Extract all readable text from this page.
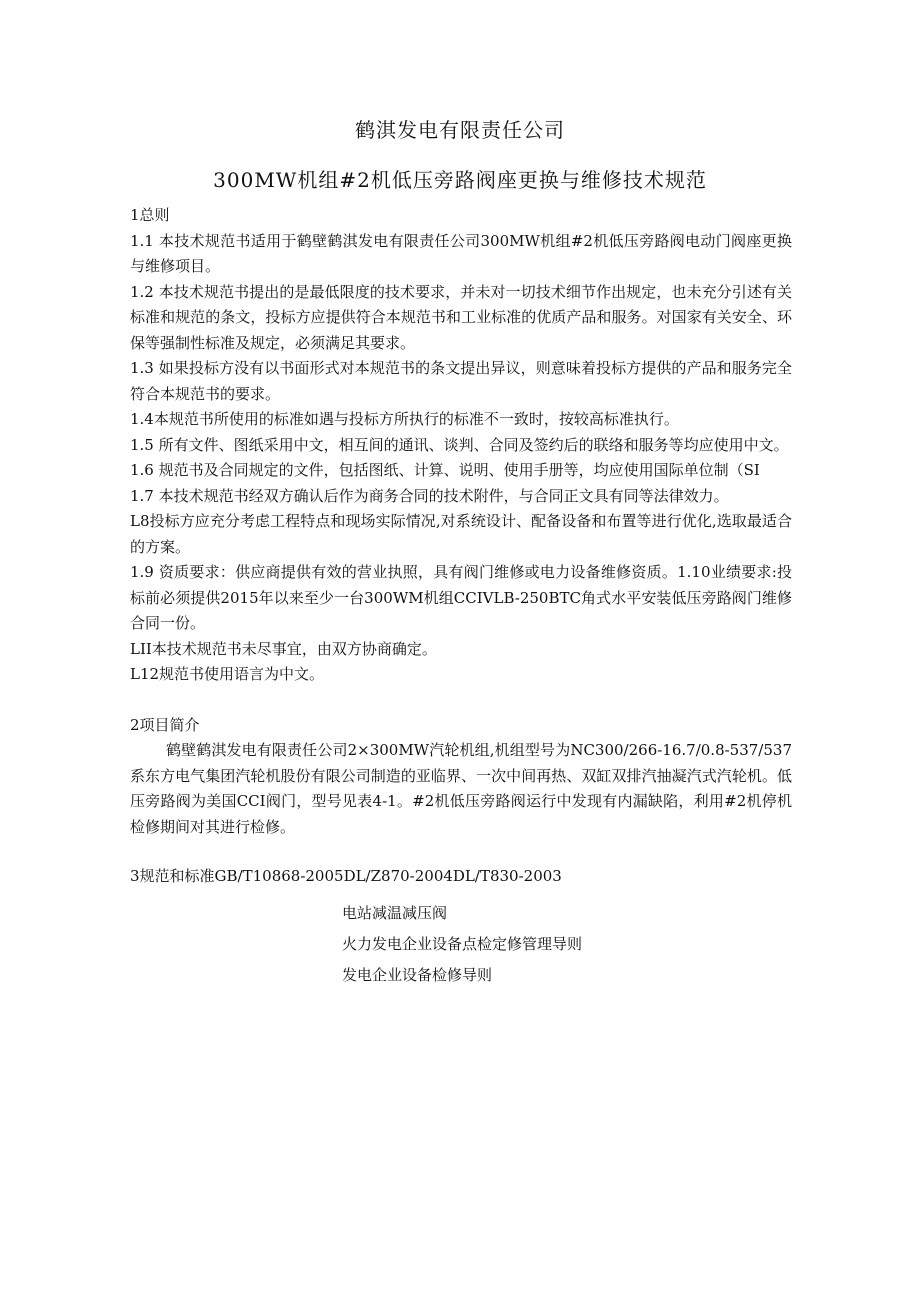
鹤淇发电有限责任公司
300MW机组#2机低压旁路阀座更换与维修技术规范

1总则

1.1 本技术规范书适用于鹤壁鹤淇发电有限责任公司300MW机组#2机低压旁路阀电动门阀座更换与维修项目。

1.2 本技术规范书提出的是最低限度的技术要求，并未对一切技术细节作出规定，也未充分引述有关标准和规范的条文，投标方应提供符合本规范书和工业标准的优质产品和服务。对国家有关安全、环保等强制性标准及规定，必须满足其要求。

1.3 如果投标方没有以书面形式对本规范书的条文提出异议，则意味着投标方提供的产品和服务完全符合本规范书的要求。

1.4本规范书所使用的标准如遇与投标方所执行的标准不一致时，按较高标准执行。

1.5 所有文件、图纸采用中文，相互间的通讯、谈判、合同及签约后的联络和服务等均应使用中文。

1.6 规范书及合同规定的文件，包括图纸、计算、说明、使用手册等，均应使用国际单位制（SI

1.7 本技术规范书经双方确认后作为商务合同的技术附件，与合同正文具有同等法律效力。

L8投标方应充分考虑工程特点和现场实际情况,对系统设计、配备设备和布置等进行优化,选取最适合的方案。

1.9 资质要求：供应商提供有效的营业执照，具有阀门维修或电力设备维修资质。1.10业绩要求:投标前必须提供2015年以来至少一台300WM机组CCIVLB-250BTC角式水平安装低压旁路阀门维修合同一份。

LII本技术规范书未尽事宜，由双方协商确定。

L12规范书使用语言为中文。

2项目简介

鹤壁鹤淇发电有限责任公司2×300MW汽轮机组,机组型号为NC300/266-16.7/0.8-537/537系东方电气集团汽轮机股份有限公司制造的亚临界、一次中间再热、双缸双排汽抽凝汽式汽轮机。低压旁路阀为美国CCI阀门，型号见表4-1。#2机低压旁路阀运行中发现有内漏缺陷，利用#2机停机检修期间对其进行检修。

3规范和标准GB/T10868-2005DL/Z870-2004DL/T830-2003

电站减温减压阀
火力发电企业设备点检定修管理导则
发电企业设备检修导则
